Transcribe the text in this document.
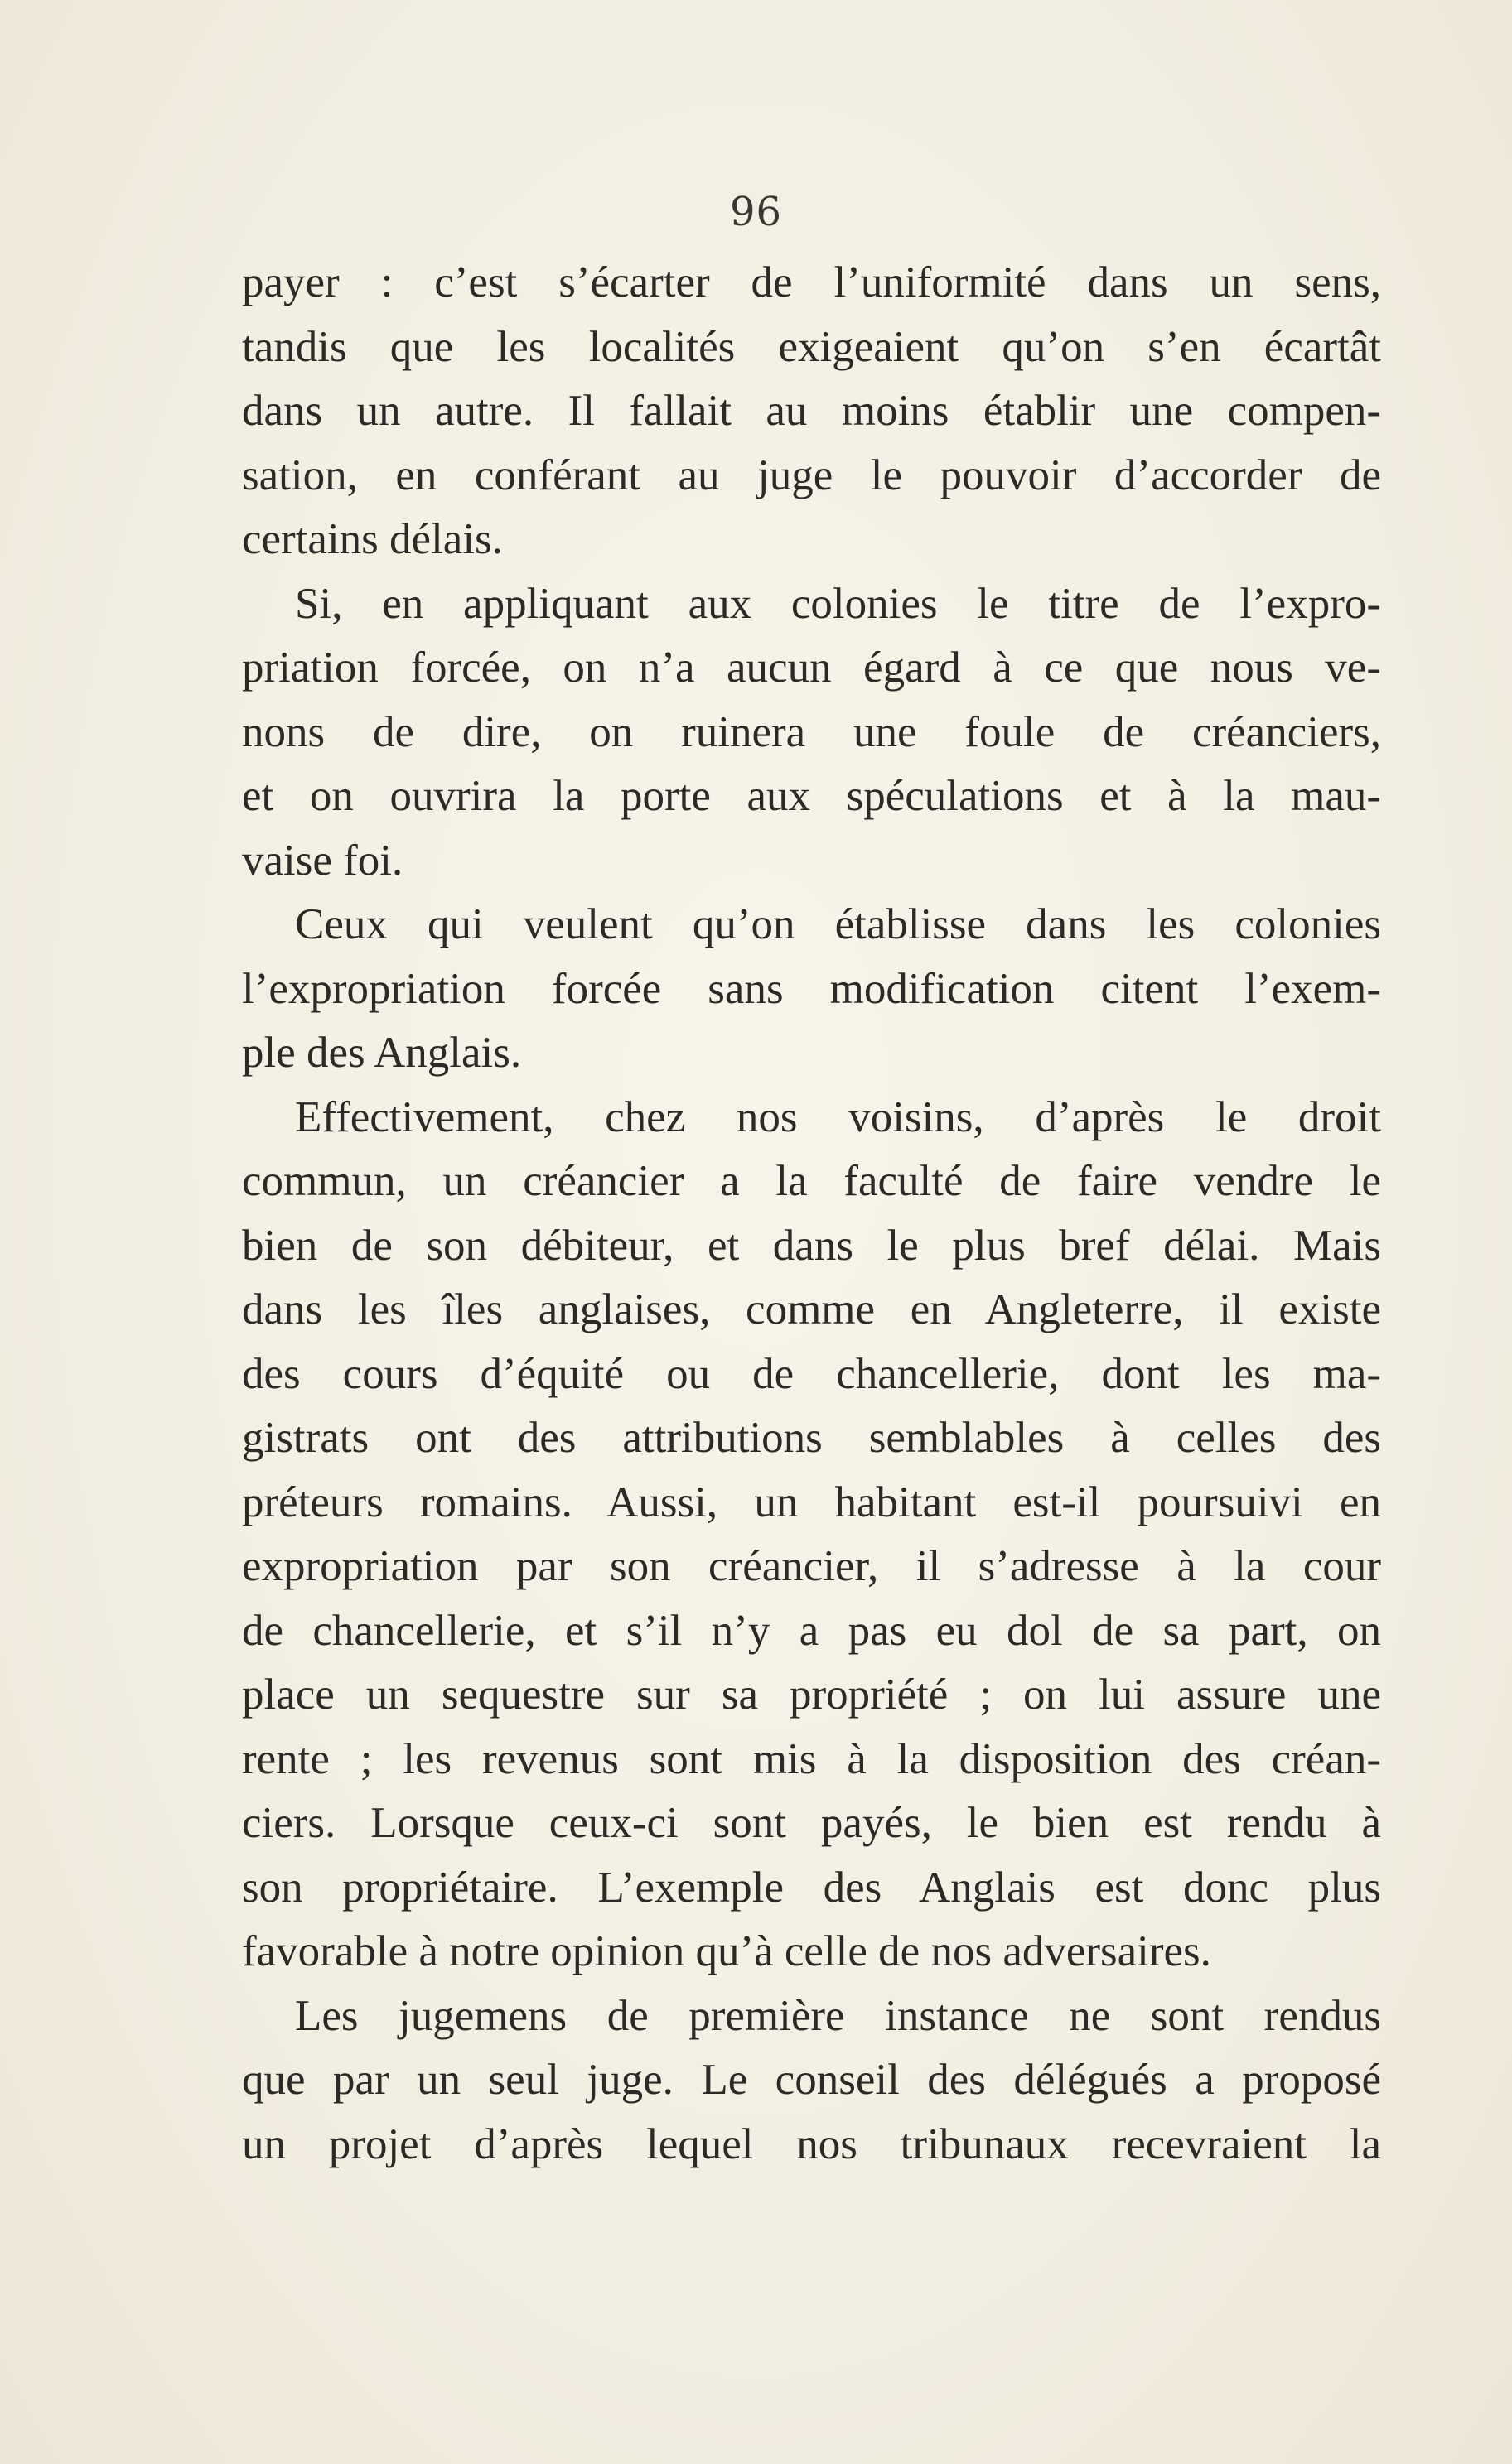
96
payer : c’est s’écarter de l’uniformité dans un sens,
tandis que les localités exigeaient qu’on s’en écartât
dans un autre. Il fallait au moins établir une compen-
sation, en conférant au juge le pouvoir d’accorder de
certains délais.
Si, en appliquant aux colonies le titre de l’expro-
priation forcée, on n’a aucun égard à ce que nous ve-
nons de dire, on ruinera une foule de créanciers,
et on ouvrira la porte aux spéculations et à la mau-
vaise foi.
Ceux qui veulent qu’on établisse dans les colonies
l’expropriation forcée sans modification citent l’exem-
ple des Anglais.
Effectivement, chez nos voisins, d’après le droit
commun, un créancier a la faculté de faire vendre le
bien de son débiteur, et dans le plus bref délai. Mais
dans les îles anglaises, comme en Angleterre, il existe
des cours d’équité ou de chancellerie, dont les ma-
gistrats ont des attributions semblables à celles des
préteurs romains. Aussi, un habitant est-il poursuivi en
expropriation par son créancier, il s’adresse à la cour
de chancellerie, et s’il n’y a pas eu dol de sa part, on
place un sequestre sur sa propriété ; on lui assure une
rente ; les revenus sont mis à la disposition des créan-
ciers. Lorsque ceux-ci sont payés, le bien est rendu à
son propriétaire. L’exemple des Anglais est donc plus
favorable à notre opinion qu’à celle de nos adversaires.
Les jugemens de première instance ne sont rendus
que par un seul juge. Le conseil des délégués a proposé
un projet d’après lequel nos tribunaux recevraient la
